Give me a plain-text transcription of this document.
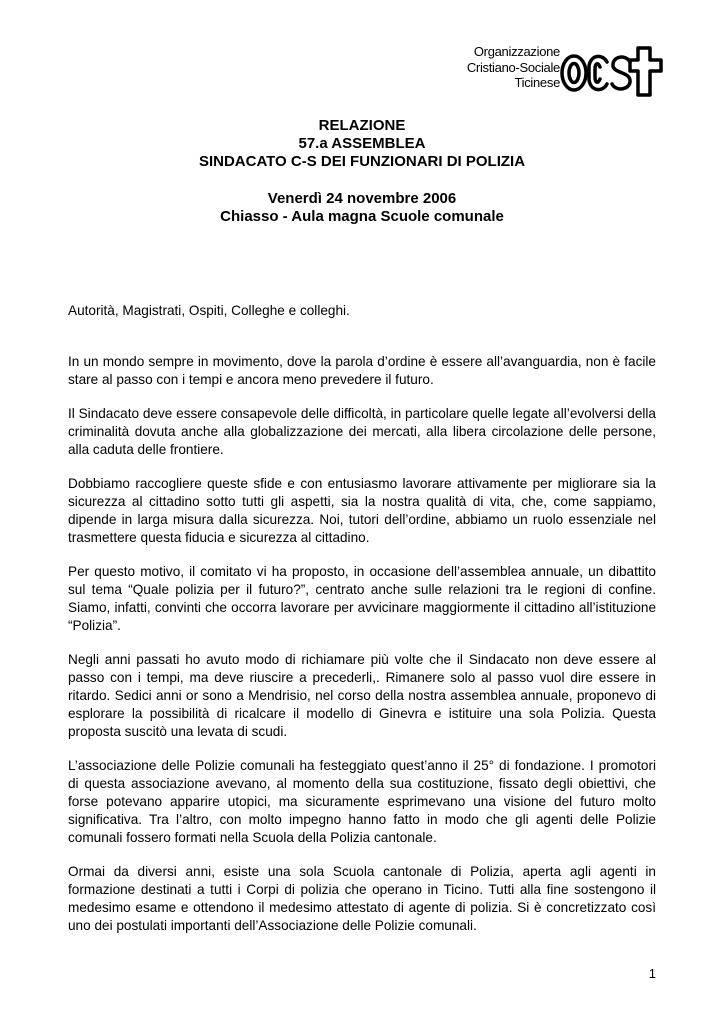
Organizzazione
Cristiano-Sociale
Ticinese
RELAZIONE
57.a ASSEMBLEA
SINDACATO C-S DEI FUNZIONARI DI POLIZIA
Venerdì 24 novembre 2006
Chiasso - Aula magna Scuole comunale

Autorità, Magistrati, Ospiti, Colleghe e colleghi.

In un mondo sempre in movimento, dove la parola d’ordine è essere all’avanguardia, non è facile stare al passo con i tempi e ancora meno prevedere il futuro.

Il Sindacato deve essere consapevole delle difficoltà, in particolare quelle legate all’evolversi della criminalità dovuta anche alla globalizzazione dei mercati, alla libera circolazione delle persone, alla caduta delle frontiere.

Dobbiamo raccogliere queste sfide e con entusiasmo lavorare attivamente per migliorare sia la sicurezza al cittadino sotto tutti gli aspetti, sia la nostra qualità di vita, che, come sappiamo, dipende in larga misura dalla sicurezza. Noi, tutori dell’ordine, abbiamo un ruolo essenziale nel trasmettere questa fiducia e sicurezza al cittadino.

Per questo motivo, il comitato vi ha proposto, in occasione dell’assemblea annuale, un dibattito sul tema “Quale polizia per il futuro?”, centrato anche sulle relazioni tra le regioni di confine. Siamo, infatti, convinti che occorra lavorare per avvicinare maggiormente il cittadino all’istituzione “Polizia”.

Negli anni passati ho avuto modo di richiamare più volte che il Sindacato non deve essere al passo con i tempi, ma deve riuscire a precederli,. Rimanere solo al passo vuol dire essere in ritardo. Sedici anni or sono a Mendrisio, nel corso della nostra assemblea annuale, proponevo di esplorare la possibilità di ricalcare il modello di Ginevra e istituire una sola Polizia. Questa proposta suscitò una levata di scudi.

L’associazione delle Polizie comunali ha festeggiato quest’anno il 25° di fondazione. I promotori di questa associazione avevano, al momento della sua costituzione, fissato degli obiettivi, che forse potevano apparire utopici, ma sicuramente esprimevano una visione del futuro molto significativa. Tra l’altro, con molto impegno hanno fatto in modo che gli agenti delle Polizie comunali fossero formati nella Scuola della Polizia cantonale.

Ormai da diversi anni, esiste una sola Scuola cantonale di Polizia, aperta agli agenti in formazione destinati a tutti i Corpi di polizia che operano in Ticino. Tutti alla fine sostengono il medesimo esame e ottendono il medesimo attestato di agente di polizia. Si è concretizzato così uno dei postulati importanti dell’Associazione delle Polizie comunali.

1
